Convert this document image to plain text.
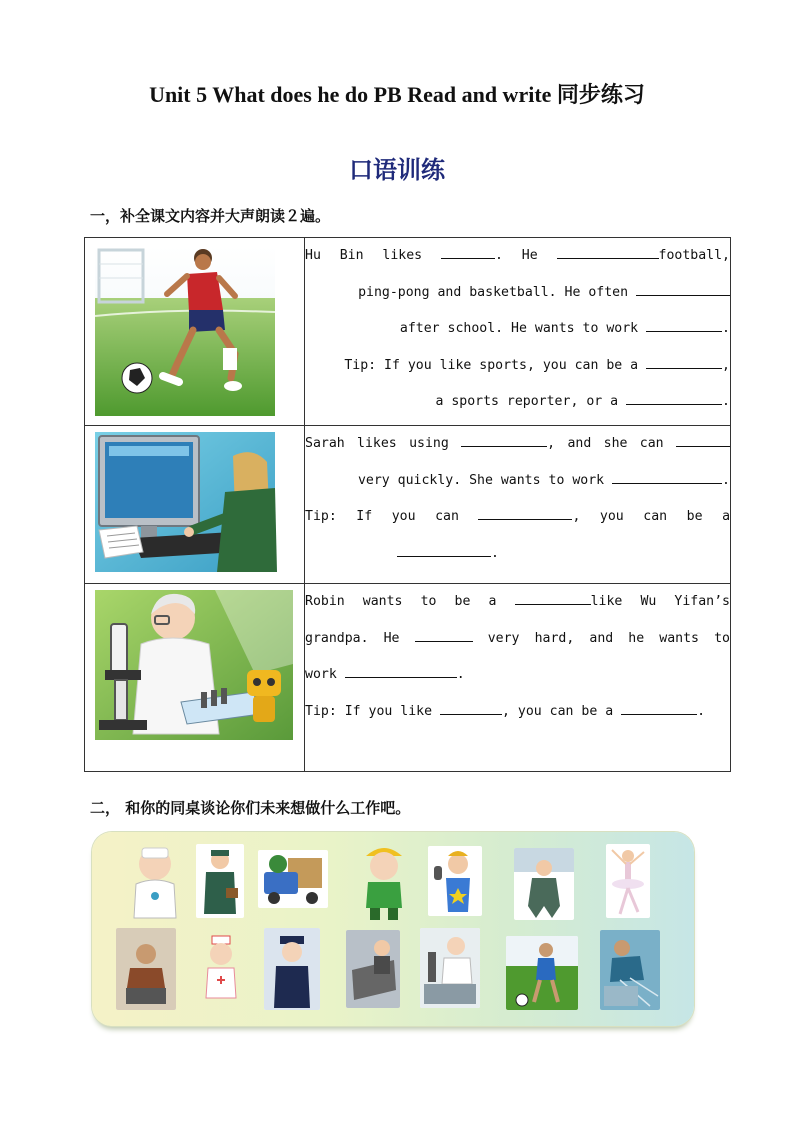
Unit 5 What does he do PB Read and write 同步练习
口语训练
一，补全课文内容并大声朗读２遍。

Hu Bin likes . He football,
ping-pong and basketball. He often
after school. He wants to work .
Tip: If you like sports, you can be a ,
a sports reporter, or a .

Sarah likes using , and she can
very quickly. She wants to work .
Tip: If you can , you can be a
.

Robin wants to be a like Wu Yifan’s
grandpa. He very hard, and he wants to
work .
Tip: If you like , you can be a .
二， 和你的同桌谈论你们未来想做什么工作吧。
